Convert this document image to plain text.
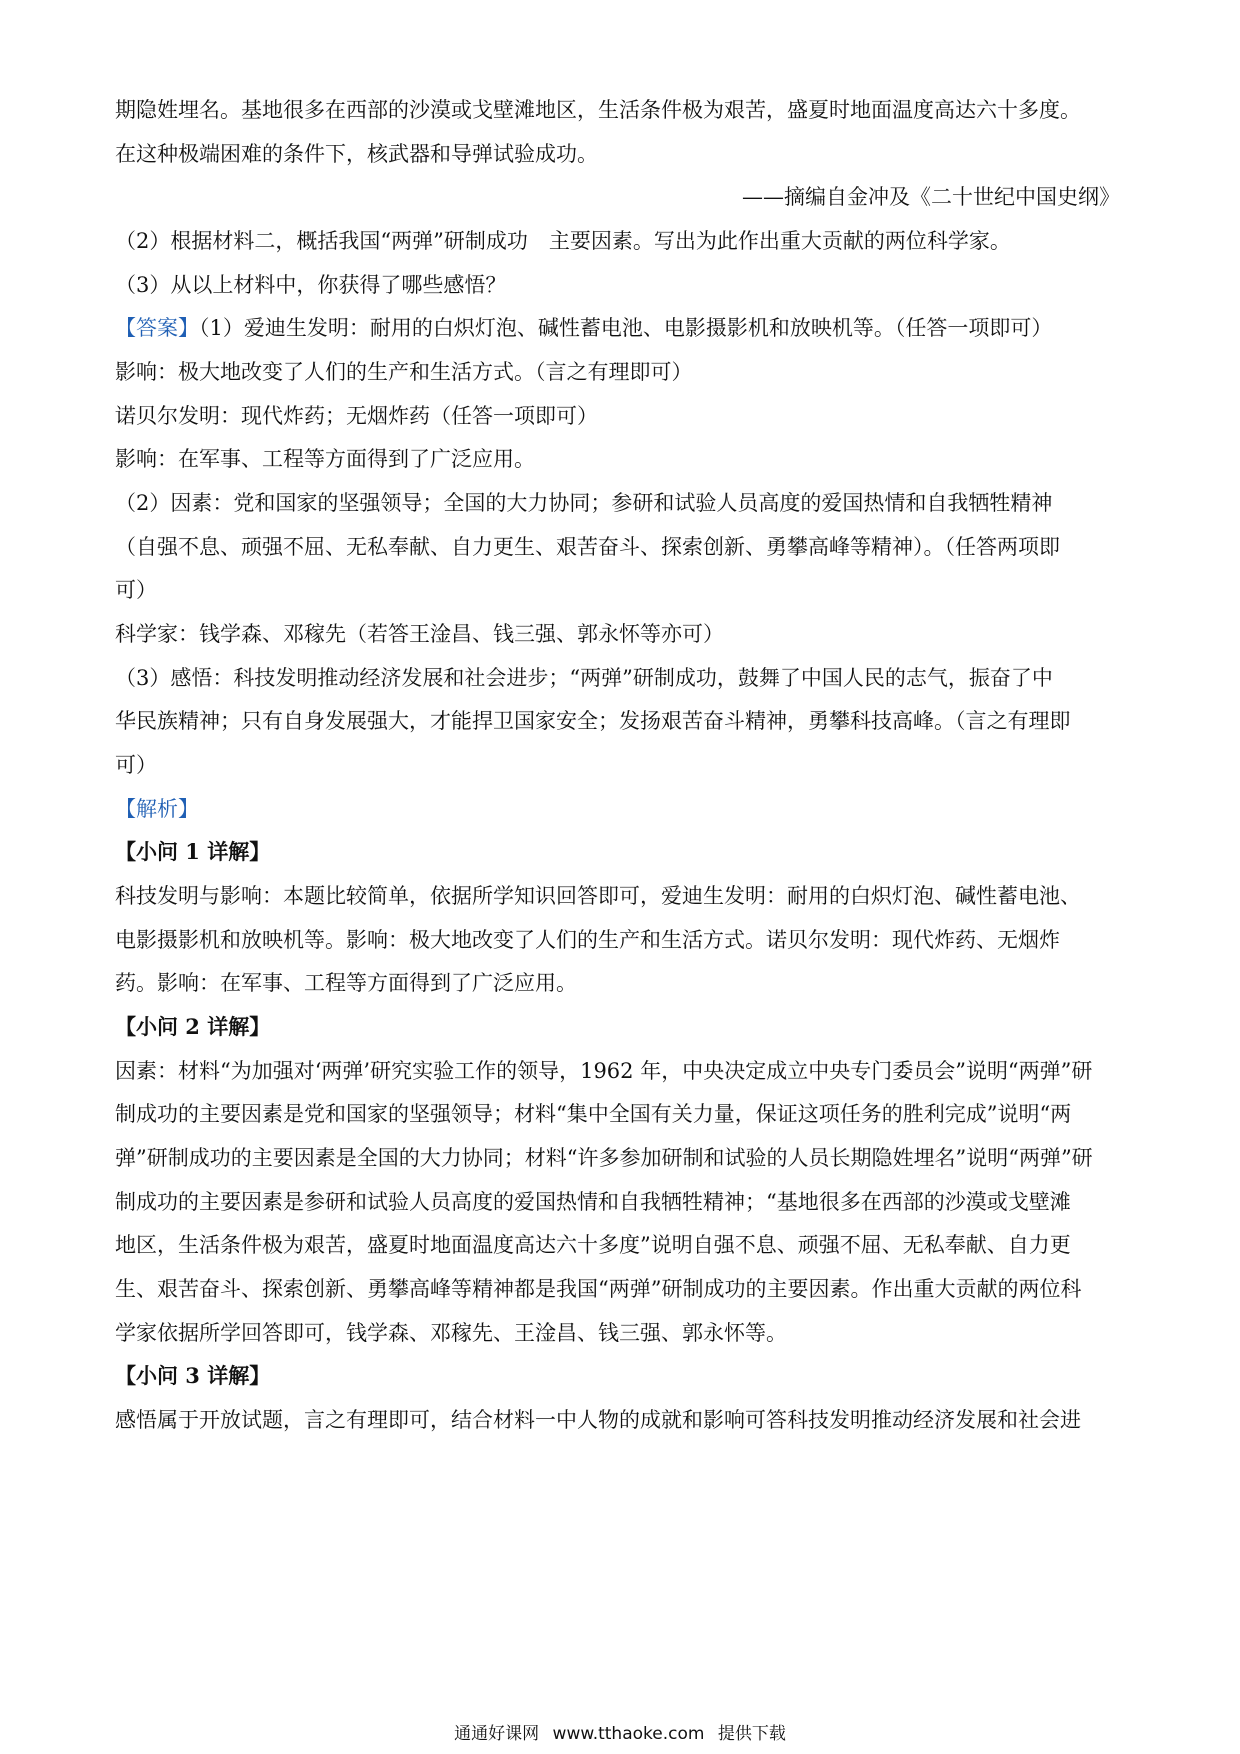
期隐姓埋名。基地很多在西部的沙漠或戈壁滩地区，生活条件极为艰苦，盛夏时地面温度高达六十多度。
在这种极端困难的条件下，核武器和导弹试验成功。
——摘编自金冲及《二十世纪中国史纲》
（2）根据材料二，概括我国“两弹”研制成功　主要因素。写出为此作出重大贡献的两位科学家。
（3）从以上材料中，你获得了哪些感悟？
【答案】（1）爱迪生发明：耐用的白炽灯泡、碱性蓄电池、电影摄影机和放映机等。（任答一项即可）
影响：极大地改变了人们的生产和生活方式。（言之有理即可）
诺贝尔发明：现代炸药；无烟炸药（任答一项即可）
影响：在军事、工程等方面得到了广泛应用。
（2）因素：党和国家的坚强领导；全国的大力协同；参研和试验人员高度的爱国热情和自我牺牲精神
（自强不息、顽强不屈、无私奉献、自力更生、艰苦奋斗、探索创新、勇攀高峰等精神）。（任答两项即
可）
科学家：钱学森、邓稼先（若答王淦昌、钱三强、郭永怀等亦可）
（3）感悟：科技发明推动经济发展和社会进步；“两弹”研制成功，鼓舞了中国人民的志气，振奋了中
华民族精神；只有自身发展强大，才能捍卫国家安全；发扬艰苦奋斗精神，勇攀科技高峰。（言之有理即
可）
【解析】
【小问 1 详解】
科技发明与影响：本题比较简单，依据所学知识回答即可，爱迪生发明：耐用的白炽灯泡、碱性蓄电池、
电影摄影机和放映机等。影响：极大地改变了人们的生产和生活方式。诺贝尔发明：现代炸药、无烟炸
药。影响：在军事、工程等方面得到了广泛应用。
【小问 2 详解】
因素：材料“为加强对‘两弹’研究实验工作的领导，1962 年，中央决定成立中央专门委员会”说明“两弹”研
制成功的主要因素是党和国家的坚强领导；材料“集中全国有关力量，保证这项任务的胜利完成”说明“两
弹”研制成功的主要因素是全国的大力协同；材料“许多参加研制和试验的人员长期隐姓埋名”说明“两弹”研
制成功的主要因素是参研和试验人员高度的爱国热情和自我牺牲精神；“基地很多在西部的沙漠或戈壁滩
地区，生活条件极为艰苦，盛夏时地面温度高达六十多度”说明自强不息、顽强不屈、无私奉献、自力更
生、艰苦奋斗、探索创新、勇攀高峰等精神都是我国“两弹”研制成功的主要因素。作出重大贡献的两位科
学家依据所学回答即可，钱学森、邓稼先、王淦昌、钱三强、郭永怀等。
【小问 3 详解】
感悟属于开放试题，言之有理即可，结合材料一中人物的成就和影响可答科技发明推动经济发展和社会进
通通好课网 www.tthaoke.com 提供下载
